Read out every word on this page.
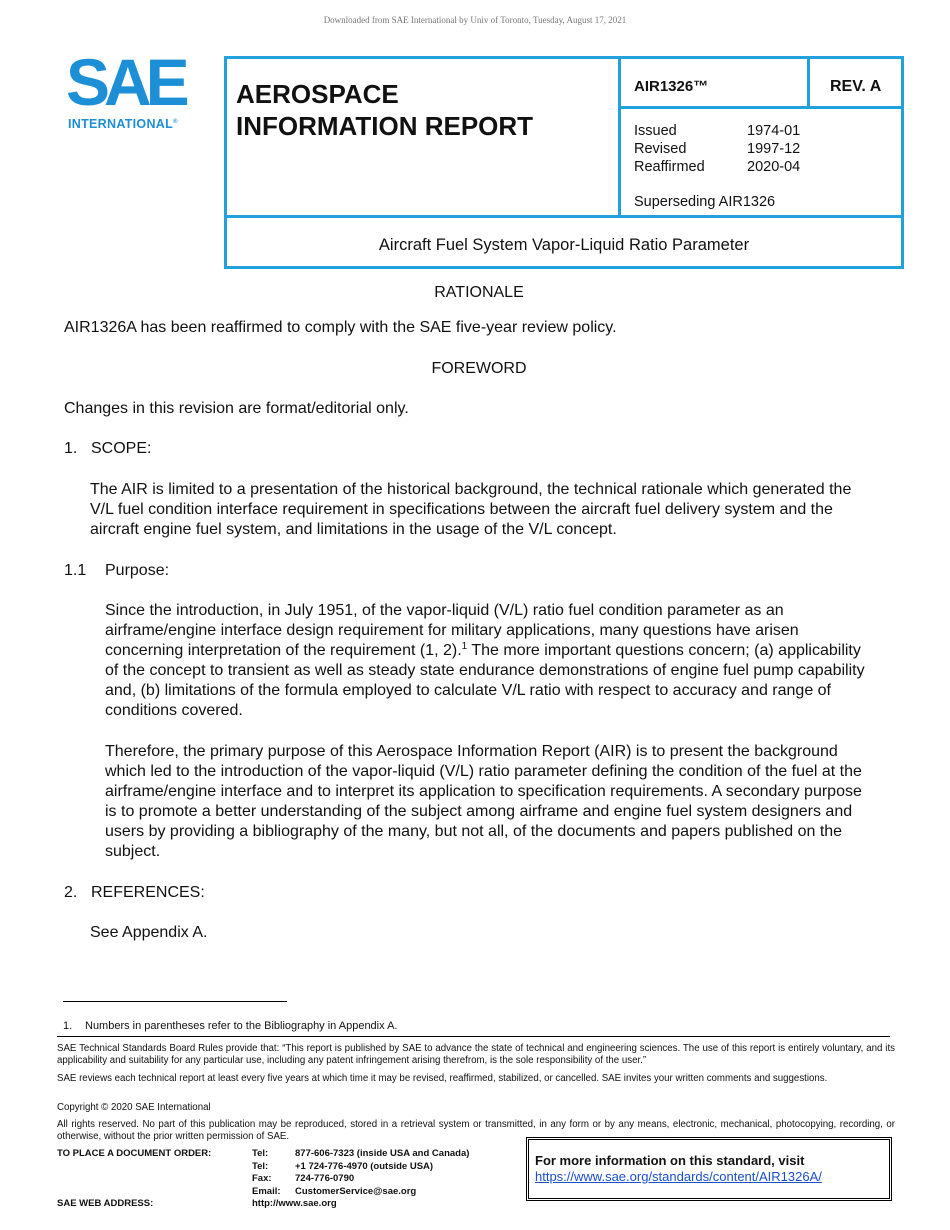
Downloaded from SAE International by Univ of Toronto, Tuesday, August 17, 2021
SAE
INTERNATIONAL®
AEROSPACE
INFORMATION REPORT
AIR1326™	REV. A
Issued	1974-01
Revised	1997-12
Reaffirmed	2020-04
Superseding AIR1326
Aircraft Fuel System Vapor-Liquid Ratio Parameter
RATIONALE
AIR1326A has been reaffirmed to comply with the SAE five-year review policy.
FOREWORD
Changes in this revision are format/editorial only.
1. SCOPE:
The AIR is limited to a presentation of the historical background, the technical rationale which generated the V/L fuel condition interface requirement in specifications between the aircraft fuel delivery system and the aircraft engine fuel system, and limitations in the usage of the V/L concept.
1.1 Purpose:
Since the introduction, in July 1951, of the vapor-liquid (V/L) ratio fuel condition parameter as an airframe/engine interface design requirement for military applications, many questions have arisen concerning interpretation of the requirement (1, 2).$^1$ The more important questions concern; (a) applicability of the concept to transient as well as steady state endurance demonstrations of engine fuel pump capability and, (b) limitations of the formula employed to calculate V/L ratio with respect to accuracy and range of conditions covered.
Therefore, the primary purpose of this Aerospace Information Report (AIR) is to present the background which led to the introduction of the vapor-liquid (V/L) ratio parameter defining the condition of the fuel at the airframe/engine interface and to interpret its application to specification requirements. A secondary purpose is to promote a better understanding of the subject among airframe and engine fuel system designers and users by providing a bibliography of the many, but not all, of the documents and papers published on the subject.
2. REFERENCES:
See Appendix A.
1. Numbers in parentheses refer to the Bibliography in Appendix A.
SAE Technical Standards Board Rules provide that: “This report is published by SAE to advance the state of technical and engineering sciences. The use of this report is entirely voluntary, and its applicability and suitability for any particular use, including any patent infringement arising therefrom, is the sole responsibility of the user.”
SAE reviews each technical report at least every five years at which time it may be revised, reaffirmed, stabilized, or cancelled. SAE invites your written comments and suggestions.
Copyright © 2020 SAE International
All rights reserved. No part of this publication may be reproduced, stored in a retrieval system or transmitted, in any form or by any means, electronic, mechanical, photocopying, recording, or otherwise, without the prior written permission of SAE.
TO PLACE A DOCUMENT ORDER:	Tel:	877-606-7323 (inside USA and Canada)
Tel:	+1 724-776-4970 (outside USA)
Fax: 724-776-0790
Email: CustomerService@sae.org
SAE WEB ADDRESS:	http://www.sae.org
For more information on this standard, visit
https://www.sae.org/standards/content/AIR1326A/
